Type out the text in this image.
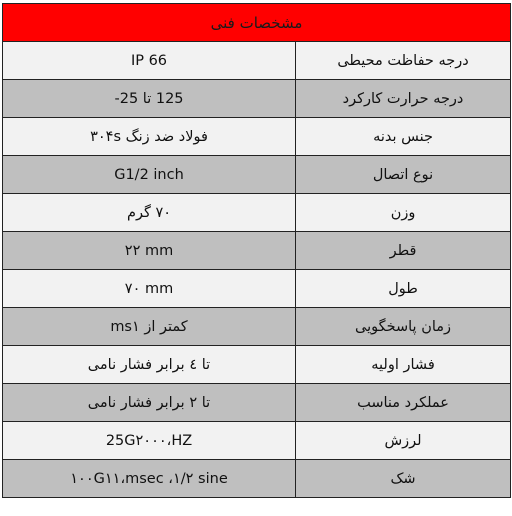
مشخصات فنی	
درجه حفاظت محیطی	IP 66
درجه حرارت کارکرد	125 تا 25-
جنس بدنه	فولاد ضد زنگ ۳۰۴s
نوع اتصال	G1/2 inch
وزن	۷۰ گرم
قطر	۲۲ mm
طول	۷۰ mm
زمان پاسخگویی	کمتر از ms۱
فشار اولیه	تا ٤ برابر فشار نامی
عملکرد مناسب	تا ۲ برابر فشار نامی
لرزش	25G۲۰۰۰،HZ
شک	۱۰۰G۱۱،msec ،۱/۲ sine
